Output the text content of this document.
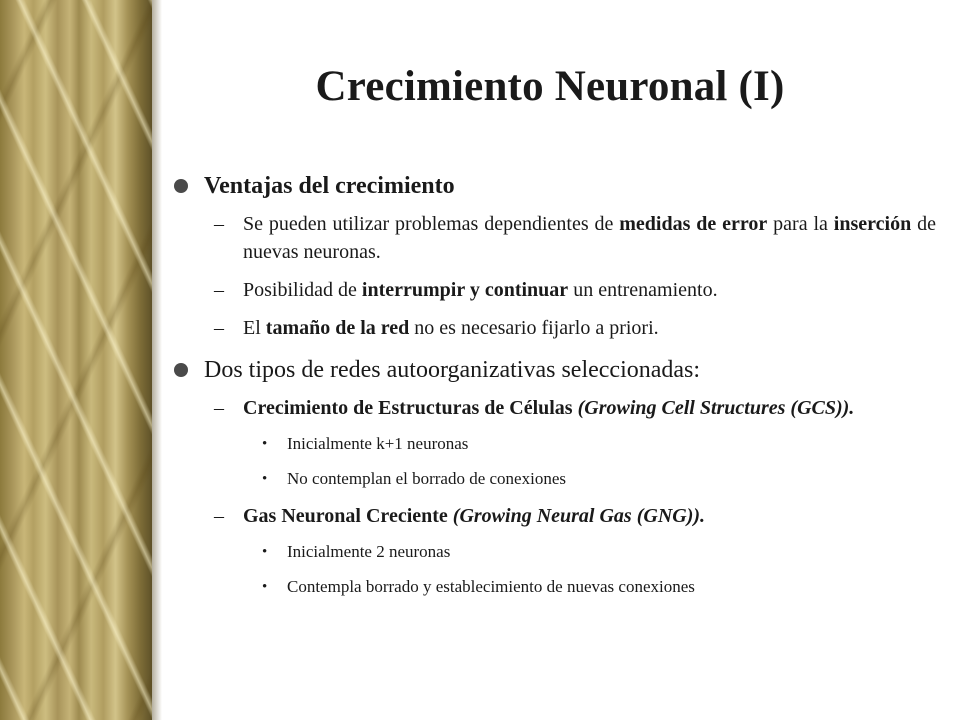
Crecimiento Neuronal (I)
Ventajas del crecimiento
– Se pueden utilizar problemas dependientes de medidas de error para la inserción de nuevas neuronas.
– Posibilidad de interrumpir y continuar un entrenamiento.
– El tamaño de la red no es necesario fijarlo a priori.
Dos tipos de redes autoorganizativas seleccionadas:
– Crecimiento de Estructuras de Células (Growing Cell Structures (GCS)).
• Inicialmente k+1 neuronas
• No contemplan el borrado de conexiones
– Gas Neuronal Creciente (Growing Neural Gas (GNG)).
• Inicialmente 2 neuronas
• Contempla borrado y establecimiento de nuevas conexiones
